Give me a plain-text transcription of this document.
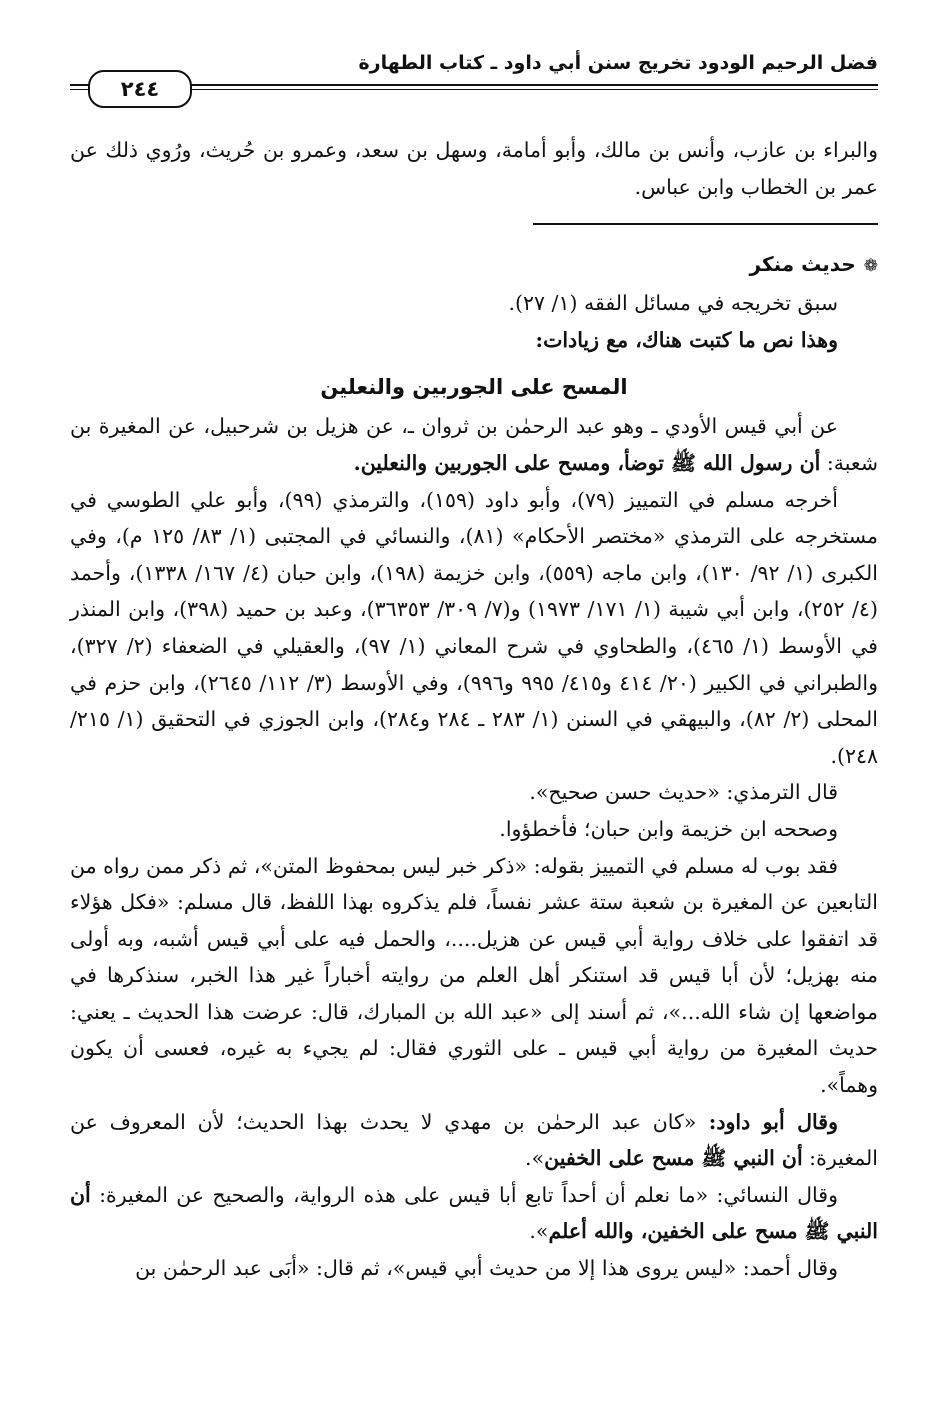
فضل الرحيم الودود تخريج سنن أبي داود ـ كتاب الطهارة
٢٤٤

والبراء بن عازب، وأنس بن مالك، وأبو أمامة، وسهل بن سعد، وعمرو بن حُريث، ورُوي ذلك عن عمر بن الخطاب وابن عباس.

❁حديث منكر

سبق تخريجه في مسائل الفقه (١/ ٢٧).

وهذا نص ما كتبت هناك، مع زيادات:

المسح على الجوربين والنعلين

عن أبي قيس الأودي ـ وهو عبد الرحمٰن بن ثروان ـ، عن هزيل بن شرحبيل، عن المغيرة بن شعبة: أن رسول الله ﷺ توضأ، ومسح على الجوربين والنعلين.

أخرجه مسلم في التمييز (٧٩)، وأبو داود (١٥٩)، والترمذي (٩٩)، وأبو علي الطوسي في مستخرجه على الترمذي «مختصر الأحكام» (٨١)، والنسائي في المجتبى (١/ ٨٣/ ١٢٥ م)، وفي الكبرى (١/ ٩٢/ ١٣٠)، وابن ماجه (٥٥٩)، وابن خزيمة (١٩٨)، وابن حبان (٤/ ١٦٧/ ١٣٣٨)، وأحمد (٤/ ٢٥٢)، وابن أبي شيبة (١/ ١٧١/ ١٩٧٣) و(٧/ ٣٠٩/ ٣٦٣٥٣)، وعبد بن حميد (٣٩٨)، وابن المنذر في الأوسط (١/ ٤٦٥)، والطحاوي في شرح المعاني (١/ ٩٧)، والعقيلي في الضعفاء (٢/ ٣٢٧)، والطبراني في الكبير (٢٠/ ٤١٤ و٤١٥/ ٩٩٥ و٩٩٦)، وفي الأوسط (٣/ ١١٢/ ٢٦٤٥)، وابن حزم في المحلى (٢/ ٨٢)، والبيهقي في السنن (١/ ٢٨٣ ـ ٢٨٤ و٢٨٤)، وابن الجوزي في التحقيق (١/ ٢١٥/ ٢٤٨).

قال الترمذي: «حديث حسن صحيح».

وصححه ابن خزيمة وابن حبان؛ فأخطؤوا.

فقد بوب له مسلم في التمييز بقوله: «ذكر خبر ليس بمحفوظ المتن»، ثم ذكر ممن رواه من التابعين عن المغيرة بن شعبة ستة عشر نفساً، فلم يذكروه بهذا اللفظ، قال مسلم: «فكل هؤلاء قد اتفقوا على خلاف رواية أبي قيس عن هزيل....، والحمل فيه على أبي قيس أشبه، وبه أولى منه بهزيل؛ لأن أبا قيس قد استنكر أهل العلم من روايته أخباراً غير هذا الخبر، سنذكرها في مواضعها إن شاء الله...»، ثم أسند إلى «عبد الله بن المبارك، قال: عرضت هذا الحديث ـ يعني: حديث المغيرة من رواية أبي قيس ـ على الثوري فقال: لم يجيء به غيره، فعسى أن يكون وهماً».

وقال أبو داود: «كان عبد الرحمٰن بن مهدي لا يحدث بهذا الحديث؛ لأن المعروف عن المغيرة: أن النبي ﷺ مسح على الخفين».

وقال النسائي: «ما نعلم أن أحداً تابع أبا قيس على هذه الرواية، والصحيح عن المغيرة: أن النبي ﷺ مسح على الخفين، والله أعلم».

وقال أحمد: «ليس يروى هذا إلا من حديث أبي قيس»، ثم قال: «أبَى عبد الرحمٰن بن
